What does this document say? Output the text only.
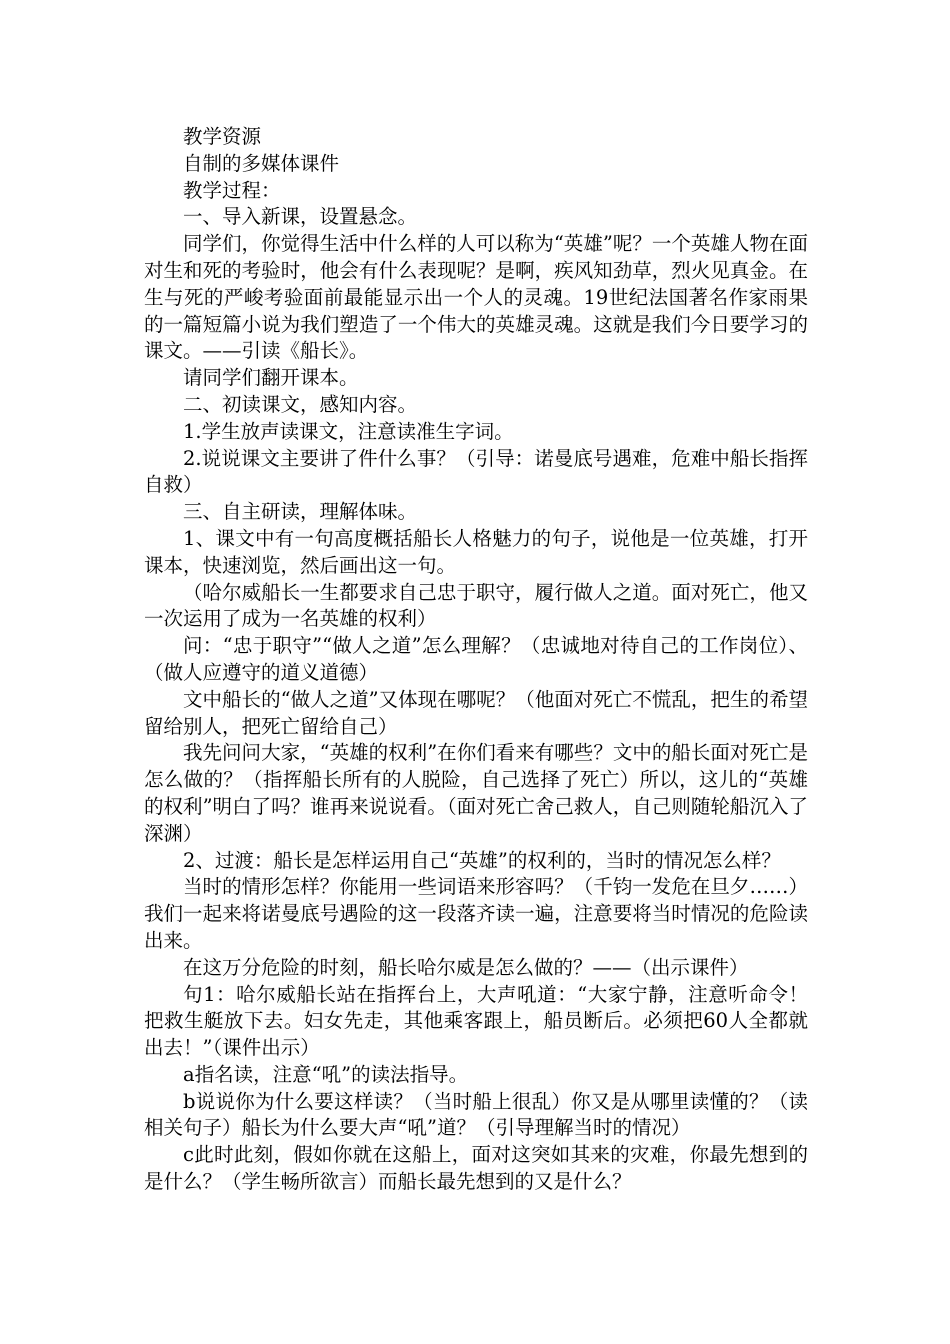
教学资源

自制的多媒体课件

教学过程：

一、导入新课，设置悬念。

同学们，你觉得生活中什么样的人可以称为“英雄”呢？一个英雄人物在面对生和死的考验时，他会有什么表现呢？是啊，疾风知劲草，烈火见真金。在生与死的严峻考验面前最能显示出一个人的灵魂。19世纪法国著名作家雨果的一篇短篇小说为我们塑造了一个伟大的英雄灵魂。这就是我们今日要学习的课文。——引读《船长》。

请同学们翻开课本。

二、初读课文，感知内容。

1.学生放声读课文，注意读准生字词。

2.说说课文主要讲了件什么事？（引导：诺曼底号遇难，危难中船长指挥自救）

三、自主研读，理解体味。

1、课文中有一句高度概括船长人格魅力的句子，说他是一位英雄，打开课本，快速浏览，然后画出这一句。

（哈尔威船长一生都要求自己忠于职守，履行做人之道。面对死亡，他又一次运用了成为一名英雄的权利）

问：“忠于职守”“做人之道”怎么理解？（忠诚地对待自己的工作岗位）、（做人应遵守的道义道德）

文中船长的“做人之道”又体现在哪呢？（他面对死亡不慌乱，把生的希望留给别人，把死亡留给自己）

我先问问大家，“英雄的权利”在你们看来有哪些？文中的船长面对死亡是怎么做的？（指挥船长所有的人脱险，自己选择了死亡）所以，这儿的“英雄的权利”明白了吗？谁再来说说看。（面对死亡舍己救人，自己则随轮船沉入了深渊）

2、过渡：船长是怎样运用自己“英雄”的权利的，当时的情况怎么样？

当时的情形怎样？你能用一些词语来形容吗？（千钧一发危在旦夕……）我们一起来将诺曼底号遇险的这一段落齐读一遍，注意要将当时情况的危险读出来。

在这万分危险的时刻，船长哈尔威是怎么做的？——（出示课件）

句1：哈尔威船长站在指挥台上，大声吼道：“大家宁静，注意听命令！把救生艇放下去。妇女先走，其他乘客跟上，船员断后。必须把60人全都就出去！”（课件出示）

a指名读，注意“吼”的读法指导。

b说说你为什么要这样读？（当时船上很乱）你又是从哪里读懂的？（读相关句子）船长为什么要大声“吼”道？（引导理解当时的情况）

c此时此刻，假如你就在这船上，面对这突如其来的灾难，你最先想到的是什么？（学生畅所欲言）而船长最先想到的又是什么？
